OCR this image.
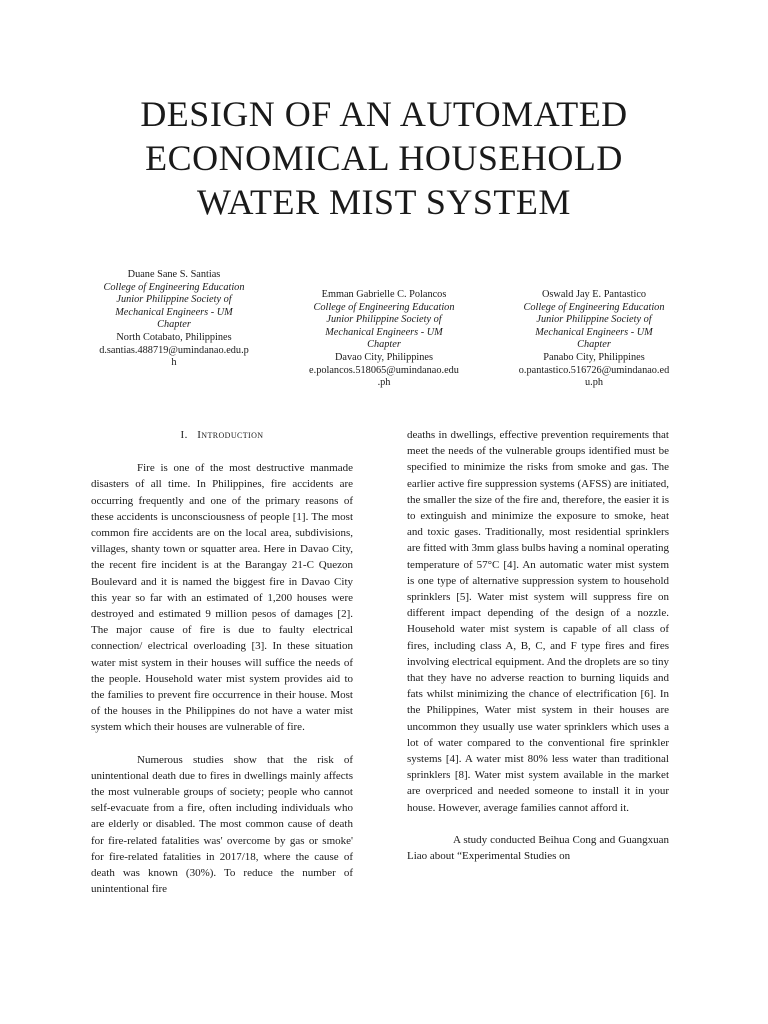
DESIGN OF AN AUTOMATED
ECONOMICAL HOUSEHOLD
WATER MIST SYSTEM
Duane Sane S. Santias
College of Engineering Education
Junior Philippine Society of
Mechanical Engineers - UM
Chapter
North Cotabato, Philippines
d.santias.488719@umindanao.edu.p
h
Emman Gabrielle C. Polancos
College of Engineering Education
Junior Philippine Society of
Mechanical Engineers - UM
Chapter
Davao City, Philippines
e.polancos.518065@umindanao.edu
.ph
Oswald Jay E. Pantastico
College of Engineering Education
Junior Philippine Society of
Mechanical Engineers - UM
Chapter
Panabo City, Philippines
o.pantastico.516726@umindanao.ed
u.ph
I. Introduction

Fire is one of the most destructive manmade disasters of all time. In Philippines, fire accidents are occurring frequently and one of the primary reasons of these accidents is unconsciousness of people [1]. The most common fire accidents are on the local area, subdivisions, villages, shanty town or squatter area. Here in Davao City, the recent fire incident is at the Barangay 21-C Quezon Boulevard and it is named the biggest fire in Davao City this year so far with an estimated of 1,200 houses were destroyed and estimated 9 million pesos of damages [2]. The major cause of fire is due to faulty electrical connection/ electrical overloading [3]. In these situation water mist system in their houses will suffice the needs of the people. Household water mist system provides aid to the families to prevent fire occurrence in their house. Most of the houses in the Philippines do not have a water mist system which their houses are vulnerable of fire.

Numerous studies show that the risk of unintentional death due to fires in dwellings mainly affects the most vulnerable groups of society; people who cannot self-evacuate from a fire, often including individuals who are elderly or disabled. The most common cause of death for fire-related fatalities was' overcome by gas or smoke' for fire-related fatalities in 2017/18, where the cause of death was known (30%). To reduce the number of unintentional fire

deaths in dwellings, effective prevention requirements that meet the needs of the vulnerable groups identified must be specified to minimize the risks from smoke and gas. The earlier active fire suppression systems (AFSS) are initiated, the smaller the size of the fire and, therefore, the easier it is to extinguish and minimize the exposure to smoke, heat and toxic gases. Traditionally, most residential sprinklers are fitted with 3mm glass bulbs having a nominal operating temperature of 57°C [4]. An automatic water mist system is one type of alternative suppression system to household sprinklers [5]. Water mist system will suppress fire on different impact depending of the design of a nozzle. Household water mist system is capable of all class of fires, including class A, B, C, and F type fires and fires involving electrical equipment. And the droplets are so tiny that they have no adverse reaction to burning liquids and fats whilst minimizing the chance of electrification [6]. In the Philippines, Water mist system in their houses are uncommon they usually use water sprinklers which uses a lot of water compared to the conventional fire sprinkler systems [4]. A water mist 80% less water than traditional sprinklers [8]. Water mist system available in the market are overpriced and needed someone to install it in your house. However, average families cannot afford it.

A study conducted Beihua Cong and Guangxuan Liao about “Experimental Studies on
